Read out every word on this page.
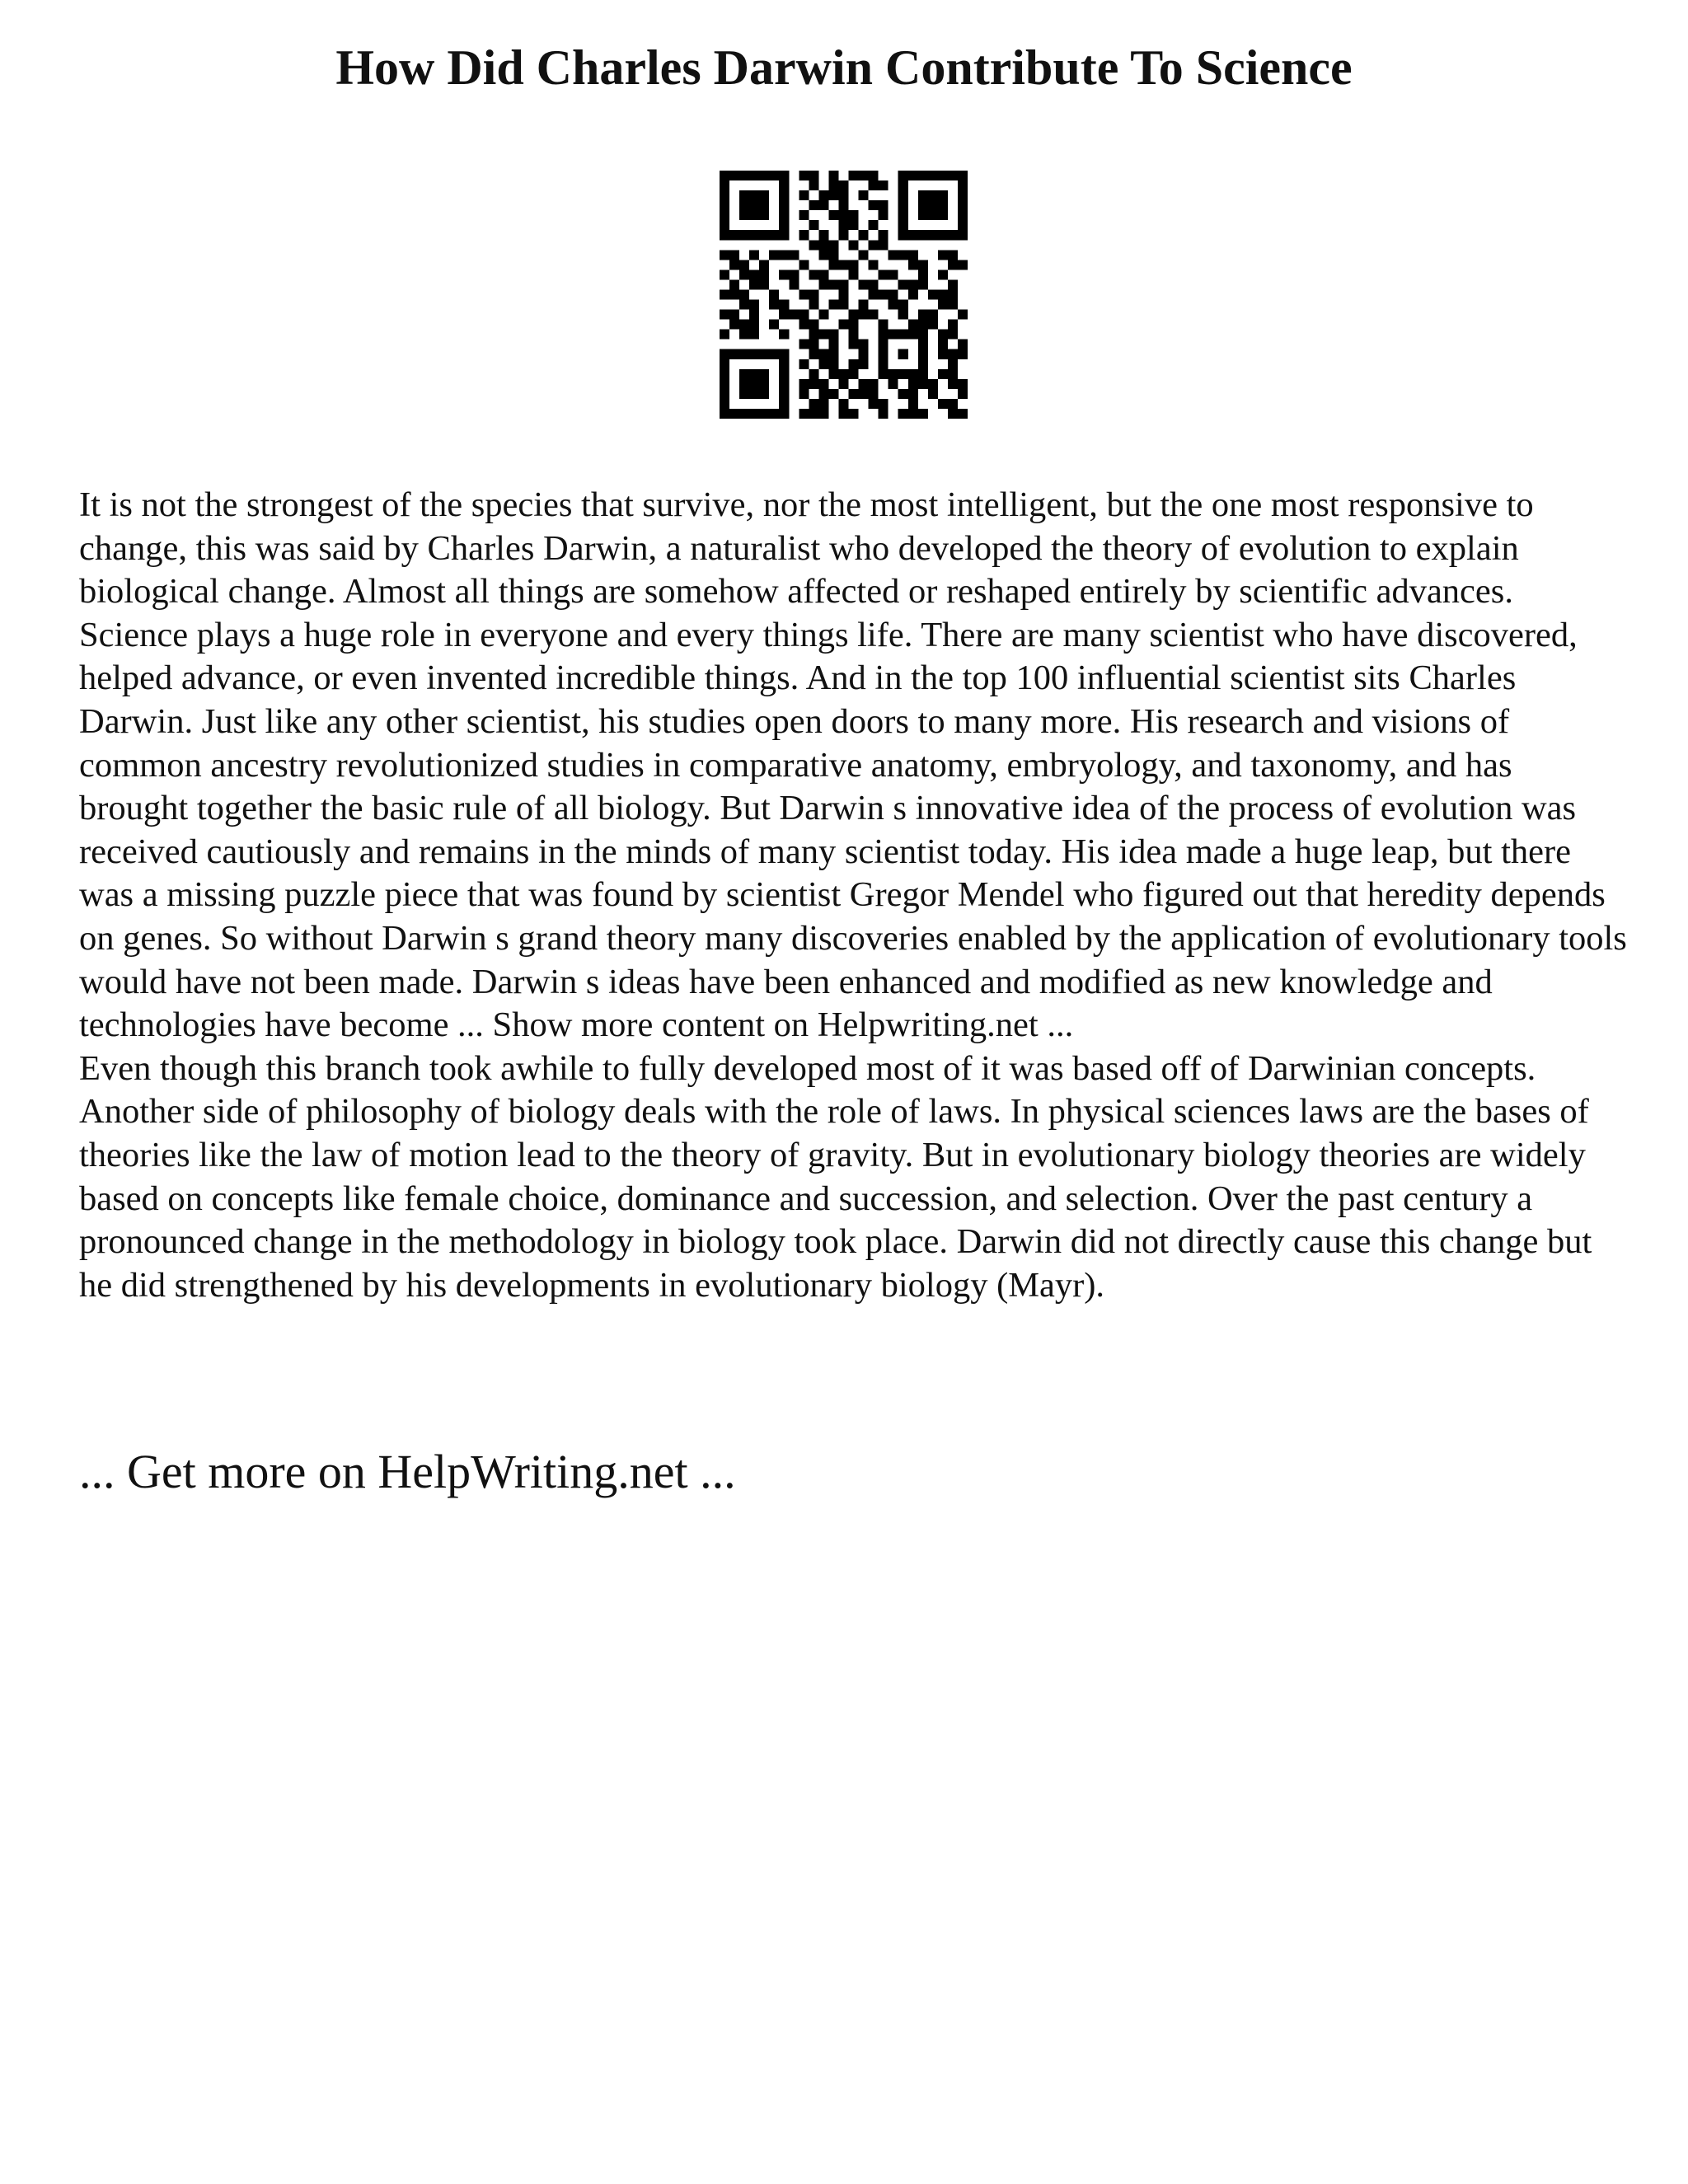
How Did Charles Darwin Contribute To Science

It is not the strongest of the species that survive, nor the most intelligent, but the one most responsive to change, this was said by Charles Darwin, a naturalist who developed the theory of evolution to explain biological change. Almost all things are somehow affected or reshaped entirely by scientific advances. Science plays a huge role in everyone and every things life. There are many scientist who have discovered, helped advance, or even invented incredible things. And in the top 100 influential scientist sits Charles Darwin. Just like any other scientist, his studies open doors to many more. His research and visions of common ancestry revolutionized studies in comparative anatomy, embryology, and taxonomy, and has brought together the basic rule of all biology. But Darwin s innovative idea of the process of evolution was received cautiously and remains in the minds of many scientist today. His idea made a huge leap, but there was a missing puzzle piece that was found by scientist Gregor Mendel who figured out that heredity depends on genes. So without Darwin s grand theory many discoveries enabled by the application of evolutionary tools would have not been made. Darwin s ideas have been enhanced and modified as new knowledge and technologies have become ... Show more content on Helpwriting.net ...

Even though this branch took awhile to fully developed most of it was based off of Darwinian concepts. Another side of philosophy of biology deals with the role of laws. In physical sciences laws are the bases of theories like the law of motion lead to the theory of gravity. But in evolutionary biology theories are widely based on concepts like female choice, dominance and succession, and selection. Over the past century a pronounced change in the methodology in biology took place. Darwin did not directly cause this change but he did strengthened by his developments in evolutionary biology (Mayr).

... Get more on HelpWriting.net ...
